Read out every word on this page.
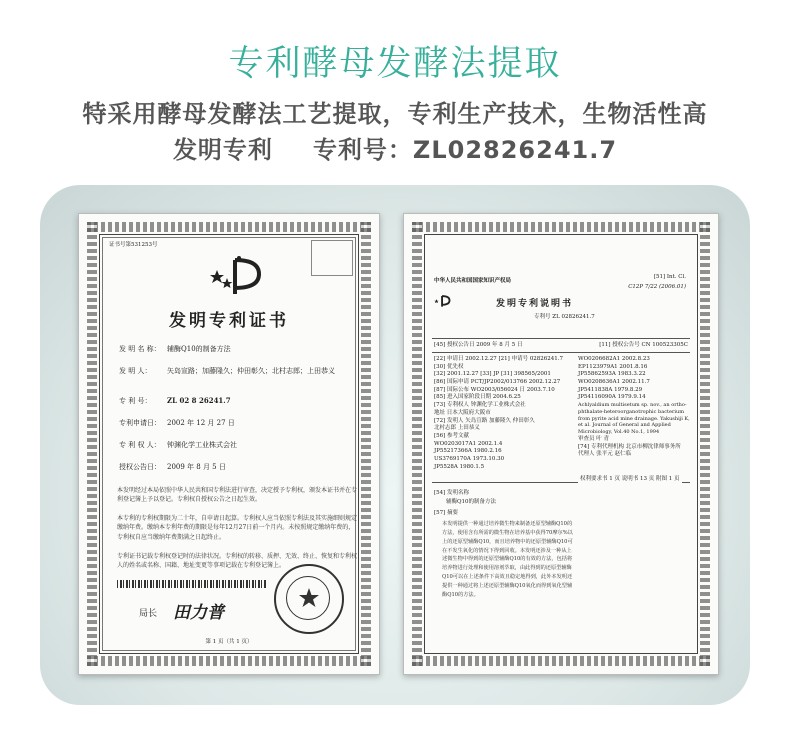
专利酵母发酵法提取
特采用酵母发酵法工艺提取，专利生产技术，生物活性高
发明专利 专利号：ZL02826241.7
证书号第531253号
发明专利证书
发 明 名 称： 辅酶Q10的制备方法
发 明 人： 矢岛宣路；加藤隆久；仲田彰久；北村志郎；上田恭义
专 利 号： ZL 02 8 26241.7
专利申请日： 2002 年 12 月 27 日
专 利 权 人： 钟渊化学工业株式会社
授权公告日： 2009 年 8 月 5 日
本发明经过本局依照中华人民共和国专利法进行审查，决定授予专利权，颁发本证书并在专利登记簿上予以登记。专利权自授权公告之日起生效。
本专利的专利权期限为二十年，自申请日起算。专利权人应当依照专利法及其实施细则规定缴纳年费。缴纳本专利年费的期限是每年12月27日前一个月内。未按照规定缴纳年费的，专利权自应当缴纳年费期满之日起终止。
专利证书记载专利权登记时的法律状况。专利权的转移、质押、无效、终止、恢复和专利权人的姓名或名称、国籍、地址变更等事项记载在专利登记簿上。
局长 田力普
第 1 页（共 1 页）
中华人民共和国国家知识产权局
[51] Int. Cl.
C12P 7/22 (2006.01)
发明专利说明书
专利号 ZL 02826241.7
[45] 授权公告日 2009 年 8 月 5 日	[11] 授权公告号 CN 100523305C
[22] 申请日 2002.12.27 [21] 申请号 02826241.7
[30] 优先权
[32] 2001.12.27 [33] JP [31] 398565/2001
[86] 国际申请 PCT/JP2002/013766 2002.12.27
[87] 国际公布 WO2003/056024 日 2003.7.10
[85] 进入国家阶段日期 2004.6.25
[73] 专利权人 钟渊化学工业株式会社
地址 日本大阪府大阪市
[72] 发明人 矢岛宣路 加藤隆久 仲田彰久
北村志郎 上田恭义
[56] 参考文献
WO0203017A1 2002.1.4
JP55217366A 1980.2.16
US3769170A 1973.10.30
JP5528A 1980.1.5
WO0206682A1 2002.8.23
EP1123979A1 2001.8.16
JP55862593A 1983.3.22
WO0208636A1 2002.11.7
JP5411838A 1979.8.29
JP54116090A 1979.9.14
Achlyaldium multisetum sp. nov., an ortho-phthalate-heteroorganotrophic bacterium from pyrite acid mine drainage. Yakushiji K, et al. Journal of General and Applied Microbiology, Vol.40 No.1, 1994
审查员 叶 青
[74] 专利代理机构 北京市柳沈律师事务所
代理人 张平元 赵仁临
权利要求书 1 页 说明书 13 页 附图 1 页
[54] 发明名称
辅酶Q10的制备方法
[57] 摘要
本发明提供一种通过培养微生物来制备还原型辅酶Q10的方法，使用含有所需的微生物在培养基中获得70摩尔%以上的还原型辅酶Q10，而且培养物中的还原型辅酶Q10可在不发生氧化的情况下得到回收。本发明还涉及一种从上述微生物中得到的还原型辅酶Q10的有效的方法，包括将培养物进行处理和使用溶剂萃取，由此得到的还原型辅酶Q10可以在上述条件下高效且稳定地得到，此外本发明还提供一种通过将上述还原型辅酶Q10氧化而得到氧化型辅酶Q10的方法。
